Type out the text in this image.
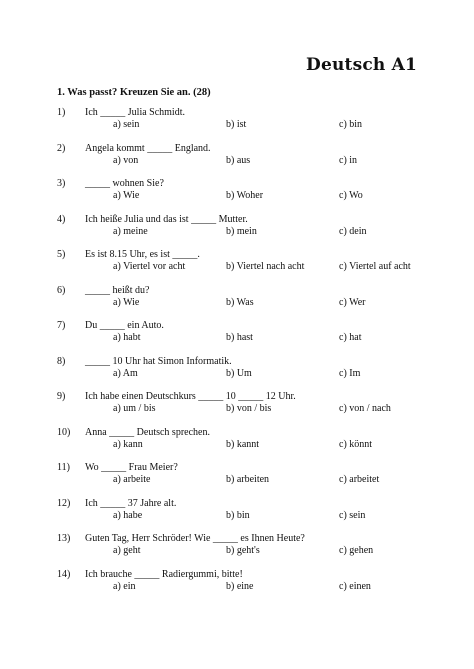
Deutsch A1
1. Was passt? Kreuzen Sie an. (28)
1) Ich _____ Julia Schmidt.
a) sein	b) ist	c) bin
2) Angela kommt _____ England.
a) von	b) aus	c) in
3) _____ wohnen Sie?
a) Wie	b) Woher	c) Wo
4) Ich heiße Julia und das ist _____ Mutter.
a) meine	b) mein	c) dein
5) Es ist 8.15 Uhr, es ist _____.
a) Viertel vor acht	b) Viertel nach acht	c) Viertel auf acht
6) _____ heißt du?
a) Wie	b) Was	c) Wer
7) Du _____ ein Auto.
a) habt	b) hast	c) hat
8) _____ 10 Uhr hat Simon Informatik.
a) Am	b) Um	c) Im
9) Ich habe einen Deutschkurs _____ 10 _____ 12 Uhr.
a) um / bis	b) von / bis	c) von / nach
10) Anna _____ Deutsch sprechen.
a) kann	b) kannt	c) könnt
11) Wo _____ Frau Meier?
a) arbeite	b) arbeiten	c) arbeitet
12) Ich _____ 37 Jahre alt.
a) habe	b) bin	c) sein
13) Guten Tag, Herr Schröder! Wie _____ es Ihnen Heute?
a) geht	b) geht's	c) gehen
14) Ich brauche _____ Radiergummi, bitte!
a) ein	b) eine	c) einen
